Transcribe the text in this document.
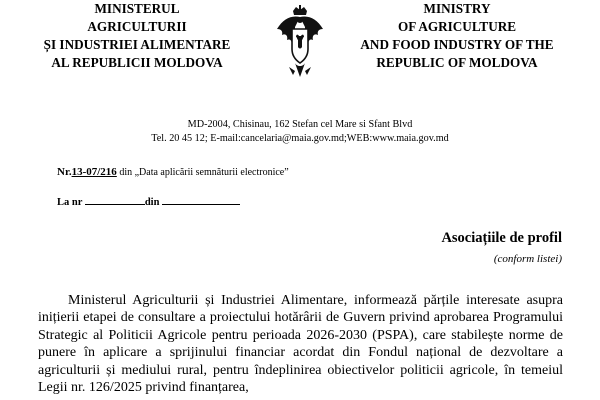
MINISTERUL
AGRICULTURII
ȘI INDUSTRIEI ALIMENTARE
AL REPUBLICII MOLDOVA
MINISTRY
OF AGRICULTURE
AND FOOD INDUSTRY OF THE
REPUBLIC OF MOLDOVA
MD-2004, Chisinau, 162 Stefan cel Mare si Sfant Blvd
Tel. 20 45 12; E-mail:cancelaria@maia.gov.md;WEB:www.maia.gov.md
Nr.13-07/216 din „Data aplicării semnăturii electronice”
La nr	din
Asociațiile de profil
(conform listei)

Ministerul Agriculturii și Industriei Alimentare, informează părțile interesate asupra inițierii etapei de consultare a proiectului hotărârii de Guvern privind aprobarea Programului Strategic al Politicii Agricole pentru perioada 2026-2030 (PSPA), care stabilește norme de punere în aplicare a sprijinului financiar acordat din Fondul național de dezvoltare a agriculturii și mediului rural, pentru îndeplinirea obiectivelor politicii agricole, în temeiul Legii nr. 126/2025 privind finanțarea,
